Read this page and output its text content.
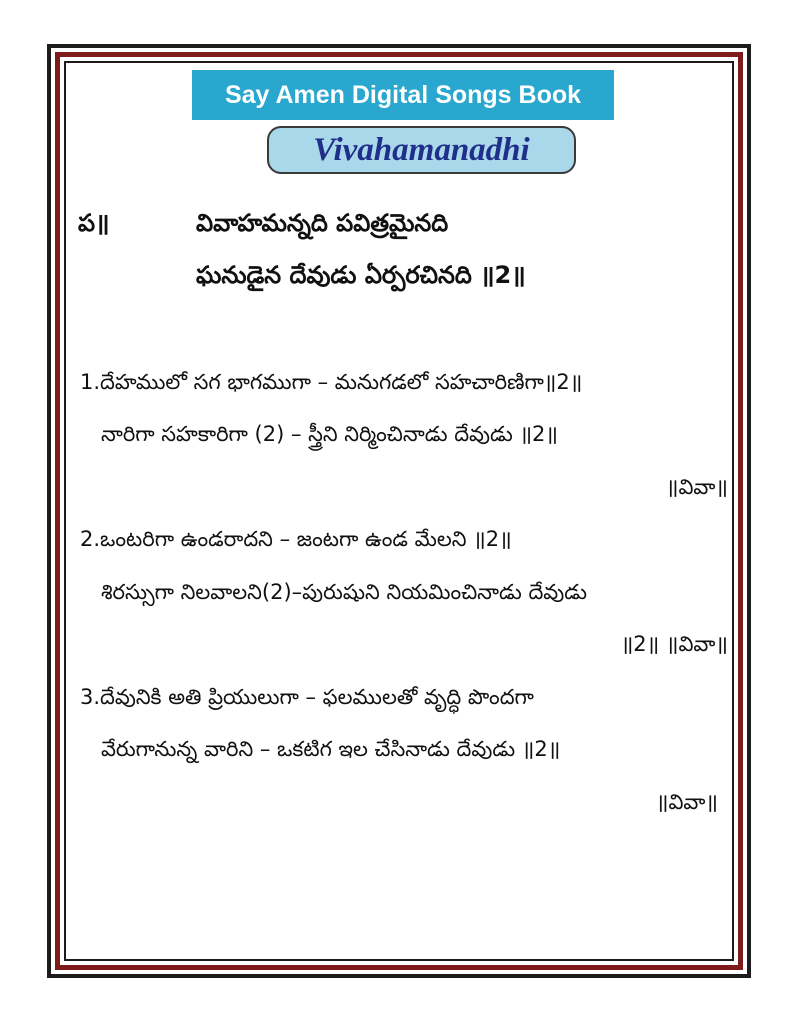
Say Amen Digital Songs Book
Vivahamanadhi
ప॥	వివాహమన్నది పవిత్రమైనది
ఘనుడైన దేవుడు ఏర్పరచినది ॥2॥
1.దేహములో సగ భాగముగా – మనుగడలో సహచారిణిగా॥2॥
నారిగా సహకారిగా (2) – స్త్రీని నిర్మించినాడు దేవుడు ॥2॥
॥వివా॥
2.ఒంటరిగా ఉండరాదని – జంటగా ఉండ మేలని ॥2॥
శిరస్సుగా నిలవాలని(2)–పురుషుని నియమించినాడు దేవుడు
॥2॥ ॥వివా॥
3.దేవునికి అతి ప్రియులుగా – ఫలములతో వృద్ధి పొందగా
వేరుగానున్న వారిని – ఒకటిగ ఇల చేసినాడు దేవుడు ॥2॥
॥వివా॥
